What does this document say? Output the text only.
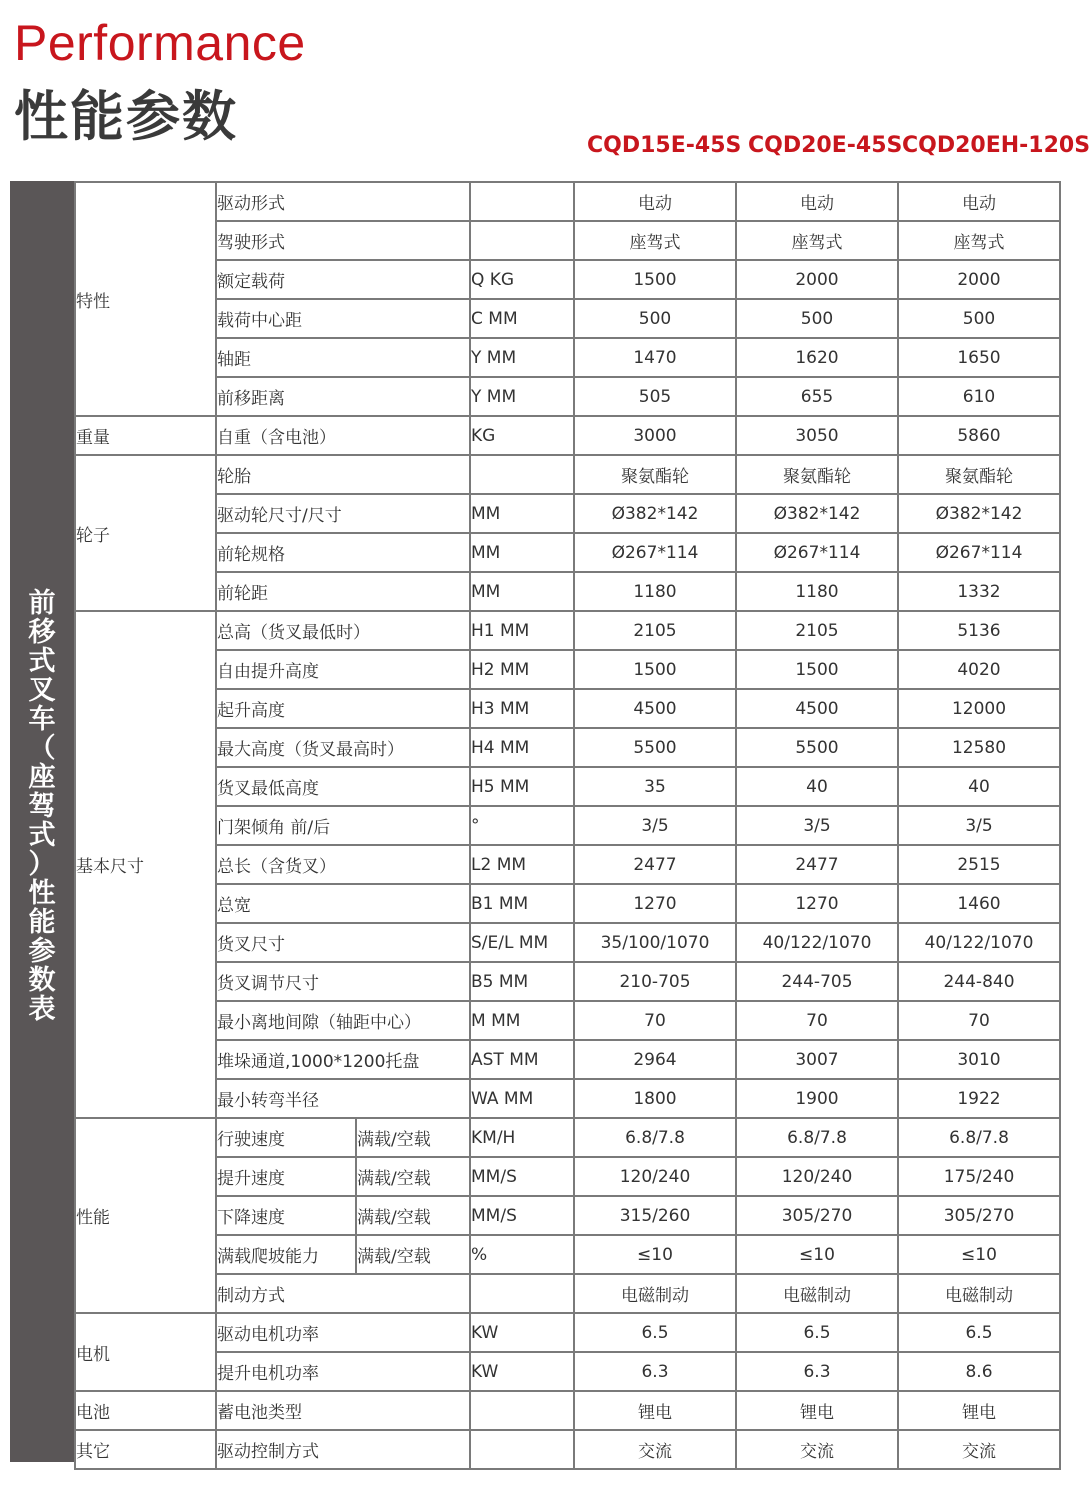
Performance
性能参数	CQD15E-45S CQD20E-45S CQD20EH-120S
前
移
式
叉
车
（
座
驾
式
）
性
能
参
数
表
特性	驱动形式			电动	电动	电动
	驾驶形式			座驾式	座驾式	座驾式
	额定载荷		Q KG	1500	2000	2000
	载荷中心距		C MM	500	500	500
	轴距		Y MM	1470	1620	1650
	前移距离		Y MM	505	655	610
重量	自重（含电池）		KG	3000	3050	5860
轮子	轮胎			聚氨酯轮	聚氨酯轮	聚氨酯轮
	驱动轮尺寸/尺寸		MM	Ø382*142	Ø382*142	Ø382*142
	前轮规格		MM	Ø267*114	Ø267*114	Ø267*114
	前轮距		MM	1180	1180	1332
基本尺寸	总高（货叉最低时）		H1 MM	2105	2105	5136
	自由提升高度		H2 MM	1500	1500	4020
	起升高度		H3 MM	4500	4500	12000
	最大高度（货叉最高时）		H4 MM	5500	5500	12580
	货叉最低高度		H5 MM	35	40	40
	门架倾角 前/后		°	3/5	3/5	3/5
	总长（含货叉）		L2 MM	2477	2477	2515
	总宽		B1 MM	1270	1270	1460
	货叉尺寸		S/E/L MM	35/100/1070	40/122/1070	40/122/1070
	货叉调节尺寸		B5 MM	210-705	244-705	244-840
	最小离地间隙（轴距中心）		M MM	70	70	70
	堆垛通道,1000*1200托盘		AST MM	2964	3007	3010
	最小转弯半径		WA MM	1800	1900	1922
性能	行驶速度	满载/空载	KM/H	6.8/7.8	6.8/7.8	6.8/7.8
	提升速度	满载/空载	MM/S	120/240	120/240	175/240
	下降速度	满载/空载	MM/S	315/260	305/270	305/270
	满载爬坡能力	满载/空载	%	≤10	≤10	≤10
	制动方式			电磁制动	电磁制动	电磁制动
电机	驱动电机功率		KW	6.5	6.5	6.5
	提升电机功率		KW	6.3	6.3	8.6
电池	蓄电池类型			锂电	锂电	锂电
其它	驱动控制方式			交流	交流	交流
